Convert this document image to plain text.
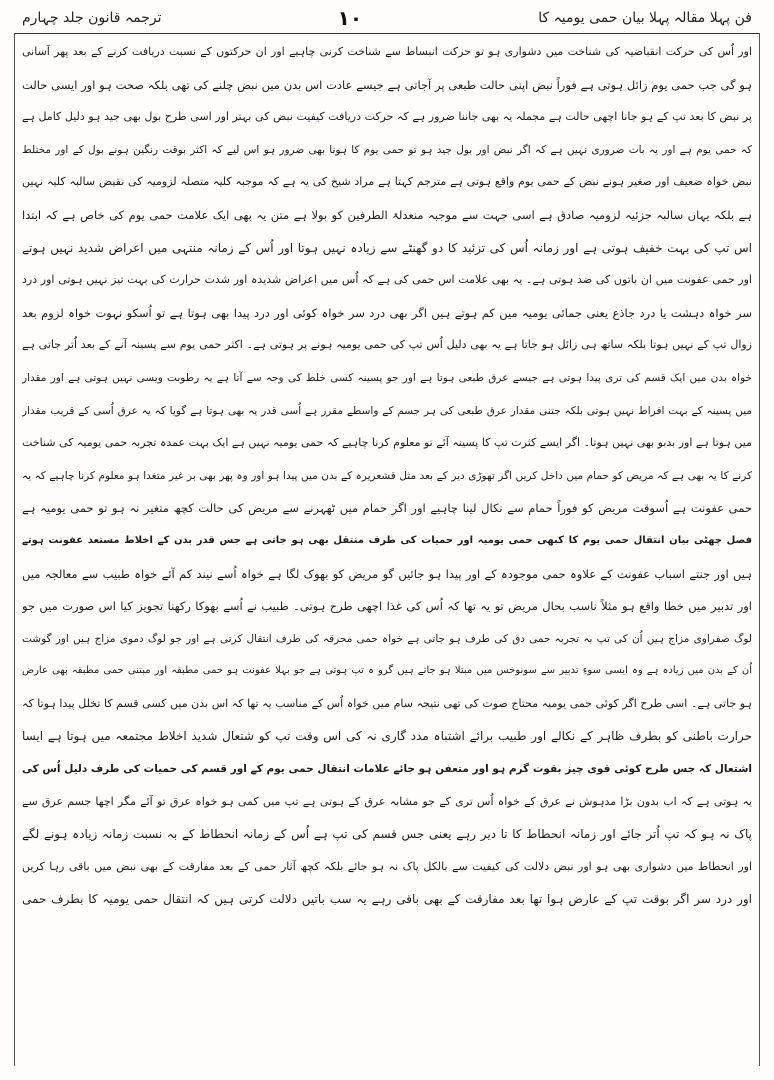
ترجمہ قانون جلد چہارم	۱۰	فن پہلا مقالہ پہلا بیان حمی یومیہ کا
اور اُس کی حرکت انقباضیہ کی شناخت میں دشواری ہو تو حرکت انبساط سے شناخت کرنی چاہیے اور ان حرکتوں کے نسبت دریافت کرنے کے بعد پھر آسانی
ہو گی جب حمی یوم زائل ہوتی ہے فوراً نبض اپنی حالت طبعی پر آجاتی ہے جیسے عادت اس بدن میں نبض چلنے کی تھی بلکہ صحت ہو اور ایسی حالت
پر نبض کا بعد تپ کے ہو جانا اچھی حالت ہے مجملہ یہ بھی جاننا ضرور ہے کہ حرکت دریافت کیفیت نبض کی بہتر اور اسی طرح بول بھی جید ہو دلیل کامل ہے
کہ حمی یوم ہے اور یہ بات ضروری نہیں ہے کہ اگر نبض اور بول جید ہو تو حمی یوم کا ہونا بھی ضرور ہو اس لیے کہ اکثر بوقت رنگین ہونے بول کے اور مختلط
نبض خواہ ضعیف اور صغیر ہونے نبض کے حمی یوم واقع ہوتی ہے مترجم کہتا ہے مراد شیخ کی یہ ہے کہ موجبہ کلیہ متصلہ لزومیہ کی نقیض سالبہ کلیہ نہیں
ہے بلکہ یہاں سالبہ جزئیہ لزومیہ صادق ہے اسی جہت سے موجبہ منعدلۃ الطرفین کو بولا ہے متن یہ بھی ایک علامت حمی یوم کی خاص ہے کہ ابتدا
اس تپ کی بہت خفیف ہوتی ہے اور زمانہ اُس کی تزئید کا دو گھنٹے سے زیادہ نہیں ہوتا اور اُس کے زمانہ منتہی میں اعراض شدید نہیں ہوتے
اور حمی عفونت میں ان باتوں کی ضد ہوتی ہے۔ یہ بھی علامت اس حمی کی ہے کہ اُس میں اعراض شدیدہ اور شدت حرارت کی بہت تیز نہیں ہوتی اور درد
سر خواہ دہشت یا درد جاذع یعنی جمائی یومیہ میں کم ہوتے ہیں اگر بھی درد سر خواہ کوئی اور درد پیدا بھی ہوتا ہے تو اُسکو نہوت خواہ لزوم بعد
زوال تپ کے نہیں ہوتا بلکہ ساتھ ہی زائل ہو جاتا ہے یہ بھی دلیل اُس تپ کی حمی یومیہ ہونے پر ہوتی ہے۔ اکثر حمی یوم سے پسینہ آنے کے بعد اُتر جاتی ہے
خواہ بدن میں ایک قسم کی تری پیدا ہوتی ہے جیسے عرق طبعی ہوتا ہے اور جو پسینہ کسی خلط کی وجہ سے آتا ہے یہ رطوبت ویسی نہیں ہوتی ہے اور مقدار
میں پسینہ کے بہت افراط نہیں ہوتی بلکہ جتنی مقدار عرق طبعی کی ہر جسم کے واسطے مقرر ہے اُسی قدر یہ بھی ہوتا ہے گویا کہ یہ عرق اُسی کے قریب مقدار
میں ہوتا ہے اور بدبو بھی نہیں ہوتا۔ اگر ایسے کثرت تپ کا پسینہ آئے تو معلوم کرنا چاہیے کہ حمی یومیہ نہیں ہے ایک بہت عمدہ تجربہ حمی یومیہ کی شناخت
کرنے کا یہ بھی ہے کہ مریض کو حمام میں داخل کریں اگر تھوڑی دیر کے بعد مثل قشعریرہ کے بدن میں پیدا ہو اور وہ پھر بھی بر غیر متغدا ہو معلوم کرنا چاہیے کہ یہ
حمی عفونت ہے اُسوقت مریض کو فوراً حمام سے نکال لینا چاہیے اور اگر حمام میں ٹھہرنے سے مریض کی حالت کچھ متغیر نہ ہو تو حمی یومیہ ہے
فصل چھٹی بیان انتقال حمی یوم کا کبھی حمی یومیہ اور حمیات کی طرف منتقل بھی ہو جاتی ہے جس قدر بدن کے اخلاط مستعد عفونت ہوتے
ہیں اور جنتے اسباب عفونت کے علاوہ حمی موجودہ کے اور پیدا ہو جائیں گو مریض کو بھوک لگا ہے خواہ اُسے نیند کم آئے خواہ طبیب سے معالجہ میں
اور تدبیر میں خطا واقع ہو مثلاً ناسب بحال مریض تو یہ تھا کہ اُس کی غذا اچھی طرح ہوتی۔ طبیب نے اُسے بھوکا رکھنا تجویز کیا اس صورت میں جو
لوگ صفراوی مزاج ہیں اُن کی تپ بہ تجربہ حمی دق کی طرف ہو جاتی ہے خواہ حمی محرقہ کی طرف انتقال کرتی ہے اور جو لوگ دموی مزاج ہیں اور گوشت
اُن کے بدن میں زیادہ ہے وہ ایسی سوءِ تدبیر سے سونوخس میں مبتلا ہو جاتے ہیں گرو ہ تپ ہوتی ہے جو بہلا عفونت ہو حمی مطبقہ اور مبتنی حمی مطبقہ بھی عارض
ہو جاتی ہے۔ اسی طرح اگر کوئی حمی یومیہ محتاج صوت کی تھی نتیجہ سام میں خواہ اُس کے مناسب یہ تھا کہ اس بدن میں کسی قسم کا تخلل پیدا ہوتا کہ
حرارت باطنی کو بطرف ظاہر کے نکالے اور طبیب برائے اشتباہ مدد گاری نہ کی اس وقت تپ کو شتعال شدید اخلاط مجتمعہ میں ہوتا ہے ایسا
اشتعال کہ جس طرح کوئی قوی چیز بقوت گرم ہو اور متعفن ہو جائے علامات انتقال حمی یوم کے اور قسم کی حمیات کی طرف دلیل اُس کی
یہ ہوتی ہے کہ اب بدون بڑا مدہوش نے عرق کے خواہ اُس تری کے جو مشابہ عرق کے ہوتی ہے تپ میں کمی ہو خواہ عرق تو آئے مگر اچھا جسم عرق سے
پاک نہ ہو کہ تپ اُتر جائے اور زمانہ انحطاط کا تا دیر رہے یعنی جس قسم کی تپ ہے اُس کے زمانہ انحطاط کے بہ نسبت زمانہ زیادہ ہونے لگے
اور انحطاط میں دشواری بھی ہو اور نبض دلالت کی کیفیت سے بالکل پاک نہ ہو جائے بلکہ کچھ آثار حمی کے بعد مفارقت کے بھی نبض میں باقی رہا کریں
اور درد سر اگر بوقت تپ کے عارض ہوا تھا بعد مفارقت کے بھی باقی رہے یہ سب باتیں دلالت کرتی ہیں کہ انتقال حمی یومیہ کا بطرف حمی
